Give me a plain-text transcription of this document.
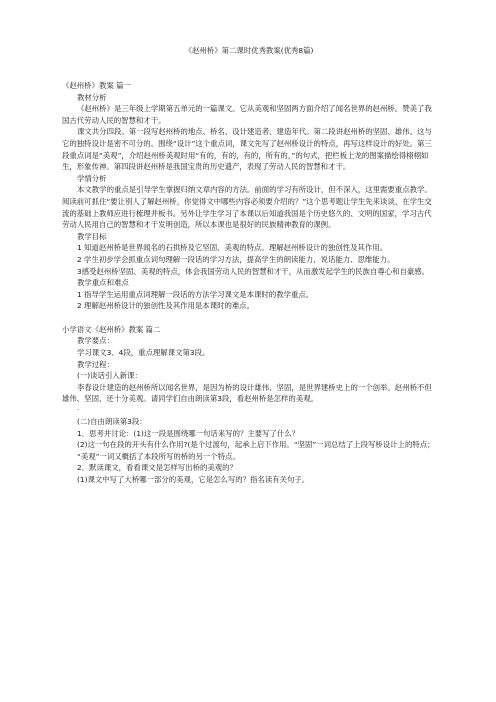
《赵州桥》第二课时优秀教案(优秀8篇)

《赵州桥》教案 篇一

教材分析

《赵州桥》是三年级上学期第五单元的一篇课文。它从美观和坚固两方面介绍了闻名世界的赵州桥。赞美了我国古代劳动人民的智慧和才干。

课文共分四段。第一段写赵州桥的地点、桥名、设计建造者、建造年代。第二段讲赵州桥的坚固、雄伟。这与它的独特设计是密不可分的。围绕“设计”这个重点词，课文先写了赵州桥设计的特点，再写这样设计的好处。第三段重点词是“美观”，介绍赵州桥美观时用“有的，有的，有的，所有的，”的句式，把栏板上龙的图案描绘得栩栩如生，形象传神。第四段讲赵州桥是我国宝贵的历史遗产，表现了劳动人民的智慧和才干。

学情分析

本文教学的重点是引导学生掌握归纳文章内容的方法。前面的学习有所设计，但不深入，这里需要重点教学。阅读前可抓住“要让别人了解赵州桥，你觉得文中哪些内容必须要介绍的？”这个思考题让学生先来谈谈，在学生交流的基础上教师应进行梳理并板书。另外让学生学习了本课以后知道我国是个历史悠久的、文明的国家，学习古代劳动人民用自己的智慧和才干发明创造，所以本课也是很好的民族精神教育的课例。

教学目标

1 知道赵州桥是世界闻名的石拱桥及它坚固、美观的特点。理解赵州桥设计的独创性及其作用。

2 学生初步学会抓重点词句理解一段话的学习方法，提高学生的朗读能力、说话能力、思维能力。

3感受赵州桥坚固、美观的特点，体会我国劳动人民的智慧和才干，从而激发起学生的民族自尊心和自豪感。

教学重点和难点

1 指导学生运用重点词理解一段话的方法学习课文是本课时的教学重点。

2 理解赵州桥设计的独创性及其作用是本课时的难点。

小学语文《赵州桥》教案 篇二

教学要点：

学习课文3、4段，重点理解课文第3段。

教学过程：

(一)谈话引入新课：

李春设计建造的赵州桥所以闻名世界，是因为桥的设计雄伟、坚固，是世界建桥史上的一个创举。赵州桥不但雄伟、坚固，还十分美观。请同学们自由朗读第3段，看赵州桥是怎样的美观。

·

(二)自由朗读第3段：

1．思考并讨论：(1)这一段是围绕哪一句话来写的？主要写了什么？

(2)这一句在段的开头有什么作用?(是个过渡句，起承上启下作用。“坚固”一词总结了上段写桥设计上的特点；

“美观”一词又概括了本段所写的桥的另一个特点。

2．默读课文，看看课文是怎样写出桥的美观的？

(1)课文中写了大桥哪一部分的美观，它是怎么写的？指名读有关句子。
